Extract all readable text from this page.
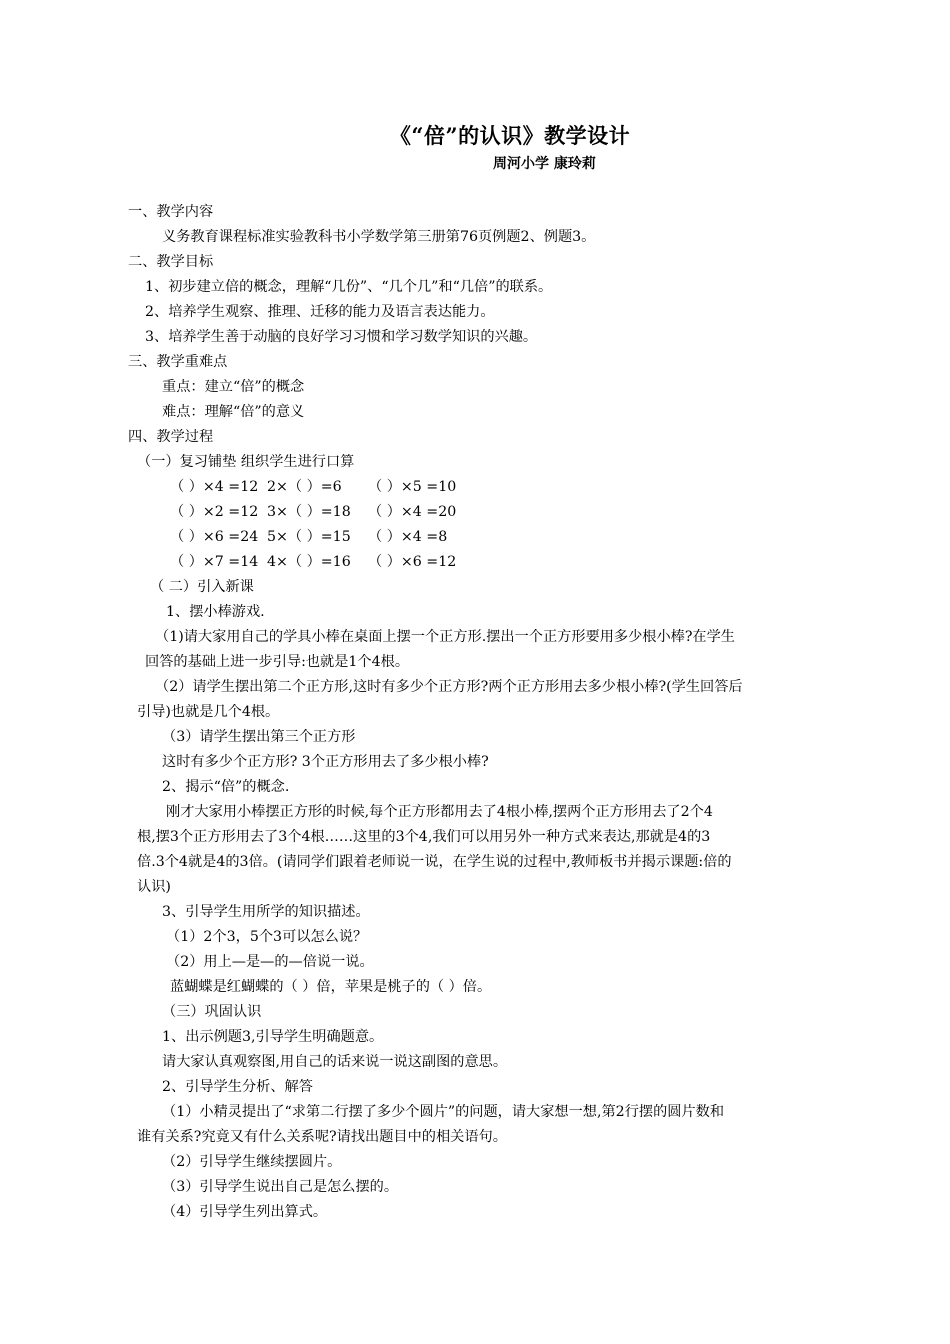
《“倍”的认识》教学设计
周河小学 康玲莉
一、教学内容
义务教育课程标准实验教科书小学数学第三册第76页例题2、例题3。
二、教学目标
1、初步建立倍的概念，理解“几份”、“几个几”和“几倍”的联系。
2、培养学生观察、推理、迁移的能力及语言表达能力。
3、培养学生善于动脑的良好学习习惯和学习数学知识的兴趣。
三、教学重难点
重点：建立“倍”的概念
难点：理解“倍”的意义
四、教学过程
（一）复习铺垫 组织学生进行口算
（ ）×4 =12 2×（ ）=6 （ ）×5 =10
（ ）×2 =12 3×（ ）=18 （ ）×4 =20
（ ）×6 =24 5×（ ）=15 （ ）×4 =8
（ ）×7 =14 4×（ ）=16 （ ）×6 =12
（ 二）引入新课
1、摆小棒游戏.
（1)请大家用自己的学具小棒在桌面上摆一个正方形.摆出一个正方形要用多少根小棒?在学生
回答的基础上进一步引导:也就是1个4根。
（2）请学生摆出第二个正方形,这时有多少个正方形?两个正方形用去多少根小棒?(学生回答后
引导)也就是几个4根。
（3）请学生摆出第三个正方形
这时有多少个正方形? 3个正方形用去了多少根小棒?
2、揭示“倍”的概念.
刚才大家用小棒摆正方形的时候,每个正方形都用去了4根小棒,摆两个正方形用去了2个4
根,摆3个正方形用去了3个4根……这里的3个4,我们可以用另外一种方式来表达,那就是4的3
倍.3个4就是4的3倍。(请同学们跟着老师说一说，在学生说的过程中,教师板书并揭示课题:倍的
认识)
3、引导学生用所学的知识描述。
（1）2个3，5个3可以怎么说？
（2）用上—是—的—倍说一说。
蓝蝴蝶是红蝴蝶的（ ）倍，苹果是桃子的（ ）倍。
（三）巩固认识
1、出示例题3,引导学生明确题意。
请大家认真观察图,用自己的话来说一说这副图的意思。
2、引导学生分析、解答
（1）小精灵提出了“求第二行摆了多少个圆片”的问题，请大家想一想,第2行摆的圆片数和
谁有关系?究竟又有什么关系呢?请找出题目中的相关语句。
（2）引导学生继续摆圆片。
（3）引导学生说出自己是怎么摆的。
（4）引导学生列出算式。
